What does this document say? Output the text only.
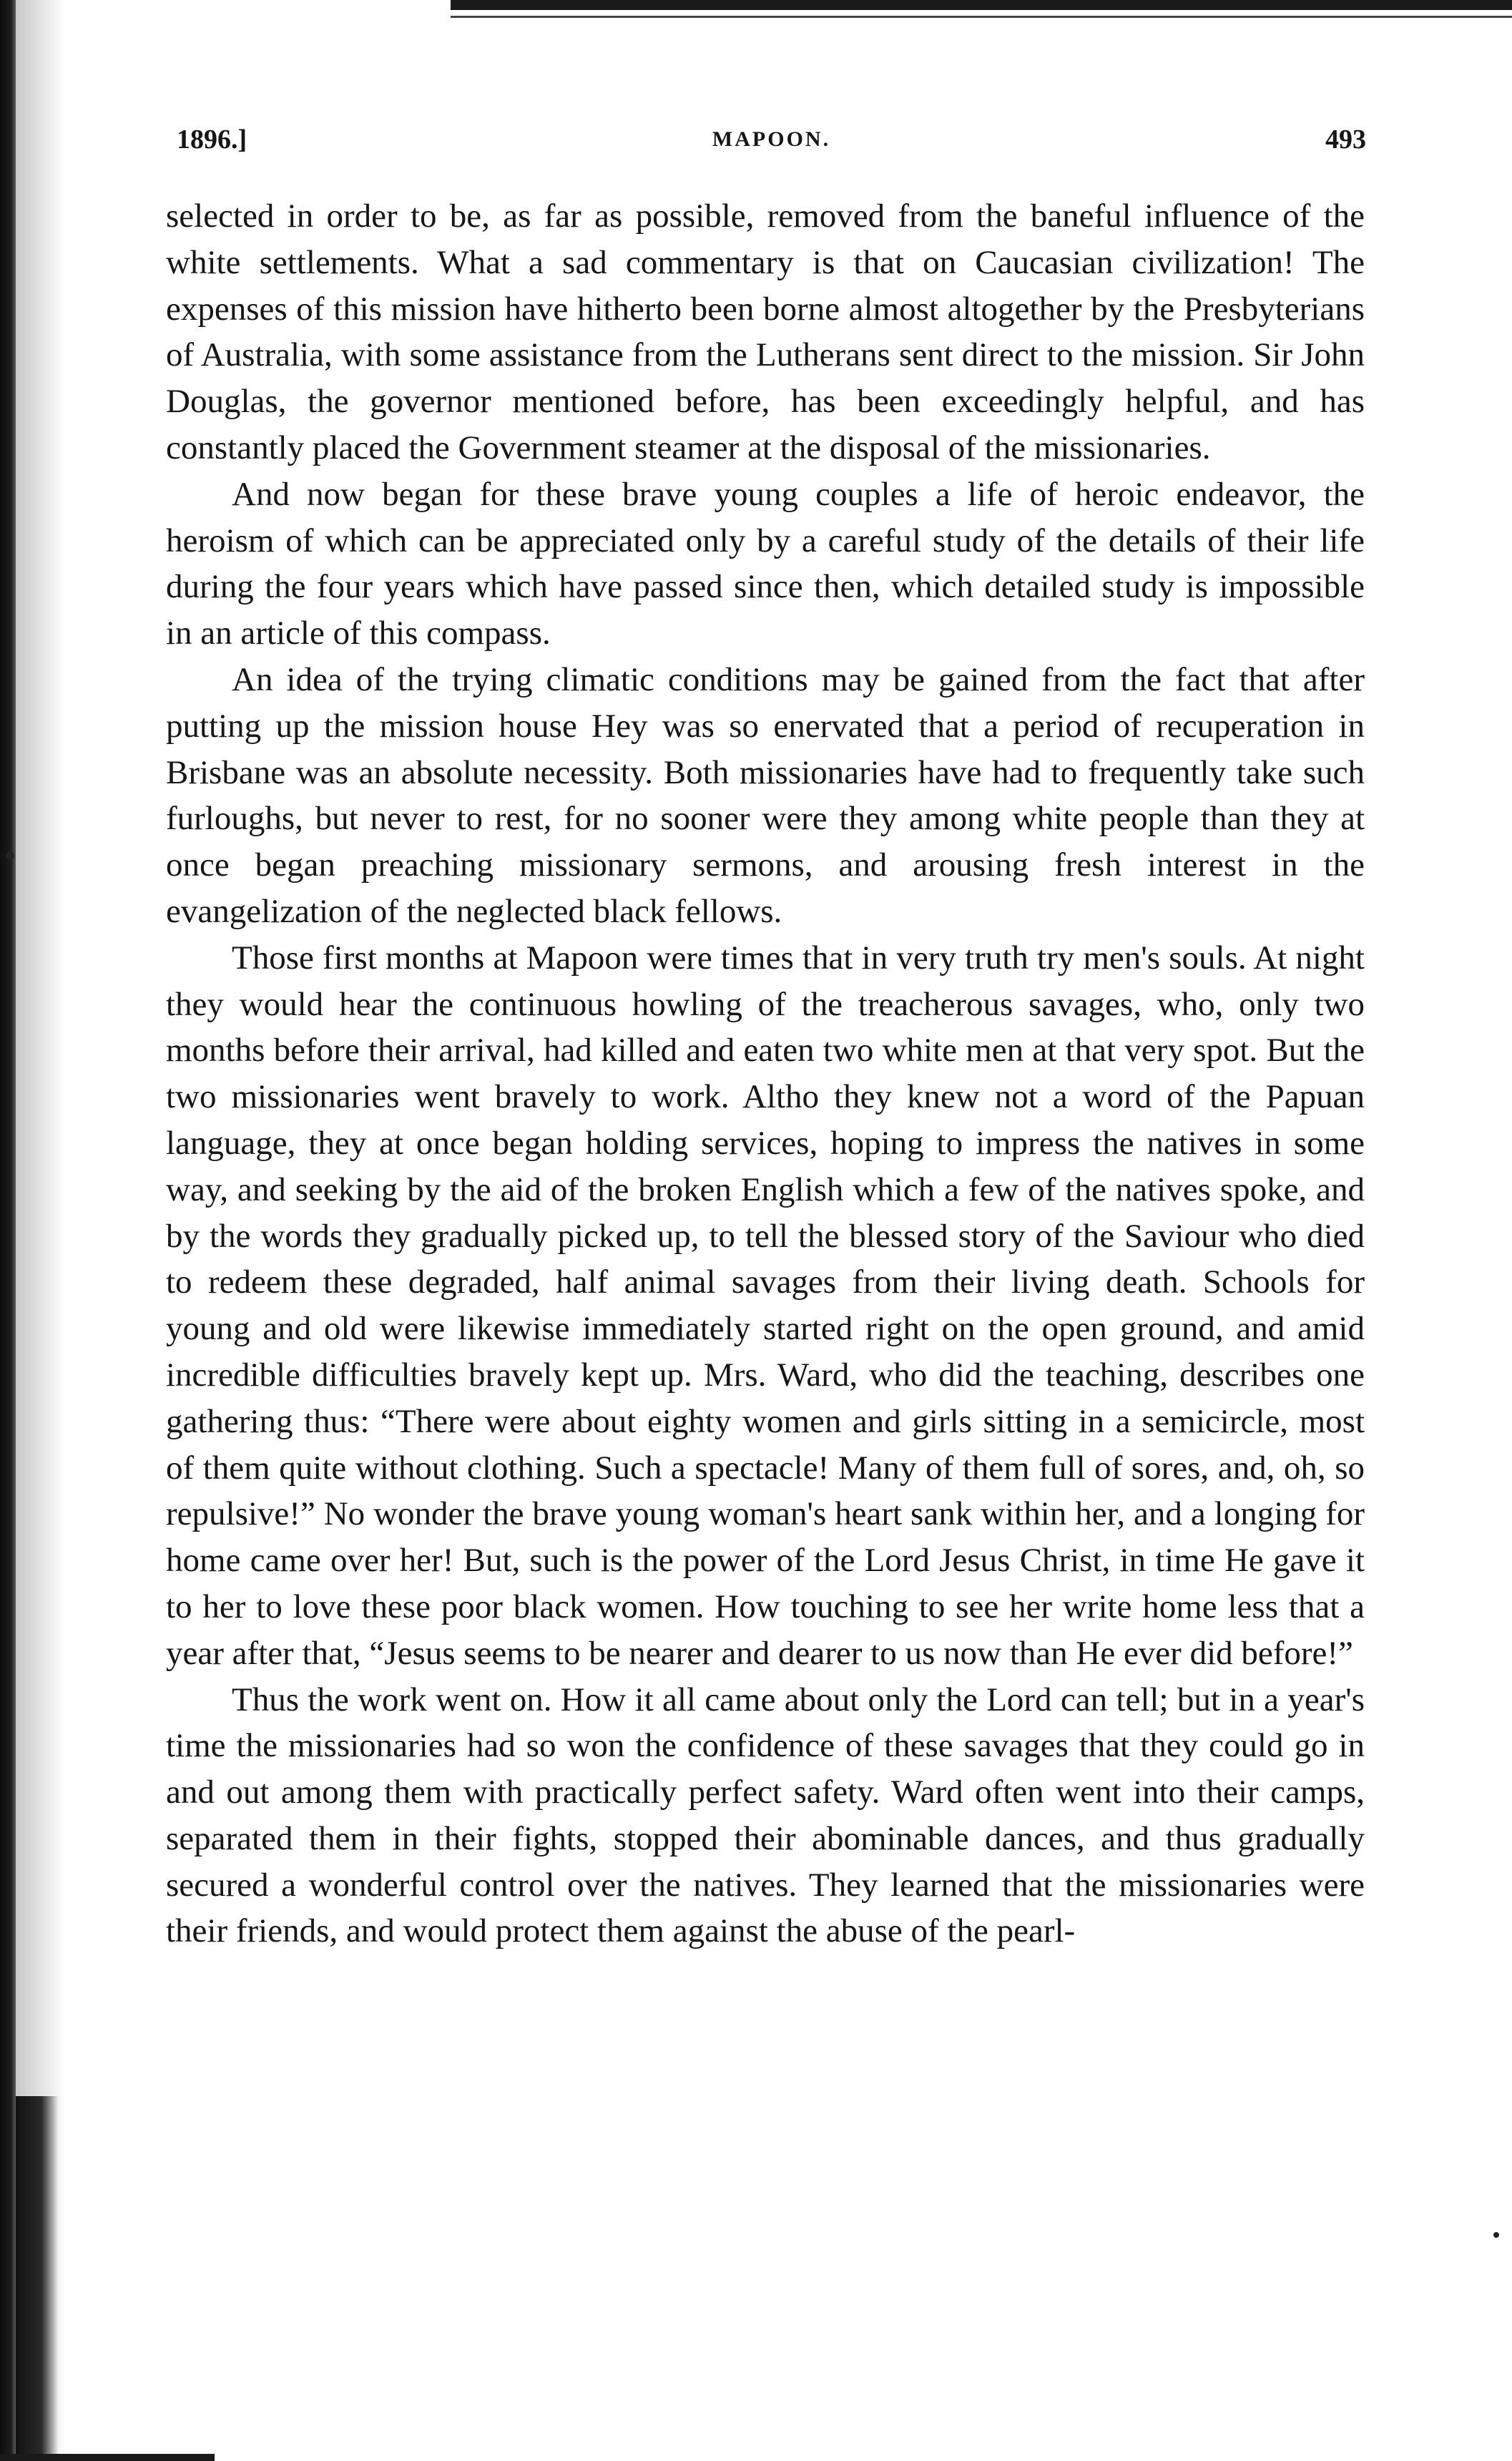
1896.]	MAPOON.	493

selected in order to be, as far as possible, removed from the baneful influence of the white settlements. What a sad commentary is that on Caucasian civilization! The expenses of this mission have hitherto been borne almost altogether by the Presbyterians of Australia, with some assistance from the Lutherans sent direct to the mission. Sir John Douglas, the governor mentioned before, has been exceedingly helpful, and has constantly placed the Government steamer at the disposal of the missionaries.

And now began for these brave young couples a life of heroic endeavor, the heroism of which can be appreciated only by a careful study of the details of their life during the four years which have passed since then, which detailed study is impossible in an article of this compass.

An idea of the trying climatic conditions may be gained from the fact that after putting up the mission house Hey was so enervated that a period of recuperation in Brisbane was an absolute necessity. Both missionaries have had to frequently take such furloughs, but never to rest, for no sooner were they among white people than they at once began preaching missionary sermons, and arousing fresh interest in the evangelization of the neglected black fellows.

Those first months at Mapoon were times that in very truth try men's souls. At night they would hear the continuous howling of the treacherous savages, who, only two months before their arrival, had killed and eaten two white men at that very spot. But the two missionaries went bravely to work. Altho they knew not a word of the Papuan language, they at once began holding services, hoping to impress the natives in some way, and seeking by the aid of the broken English which a few of the natives spoke, and by the words they gradually picked up, to tell the blessed story of the Saviour who died to redeem these degraded, half animal savages from their living death. Schools for young and old were likewise immediately started right on the open ground, and amid incredible difficulties bravely kept up. Mrs. Ward, who did the teaching, describes one gathering thus: “There were about eighty women and girls sitting in a semicircle, most of them quite without clothing. Such a spectacle! Many of them full of sores, and, oh, so repulsive!” No wonder the brave young woman's heart sank within her, and a longing for home came over her! But, such is the power of the Lord Jesus Christ, in time He gave it to her to love these poor black women. How touching to see her write home less that a year after that, “Jesus seems to be nearer and dearer to us now than He ever did before!”

Thus the work went on. How it all came about only the Lord can tell; but in a year's time the missionaries had so won the confidence of these savages that they could go in and out among them with practically perfect safety. Ward often went into their camps, separated them in their fights, stopped their abominable dances, and thus gradually secured a wonderful control over the natives. They learned that the missionaries were their friends, and would protect them against the abuse of the pearl-
